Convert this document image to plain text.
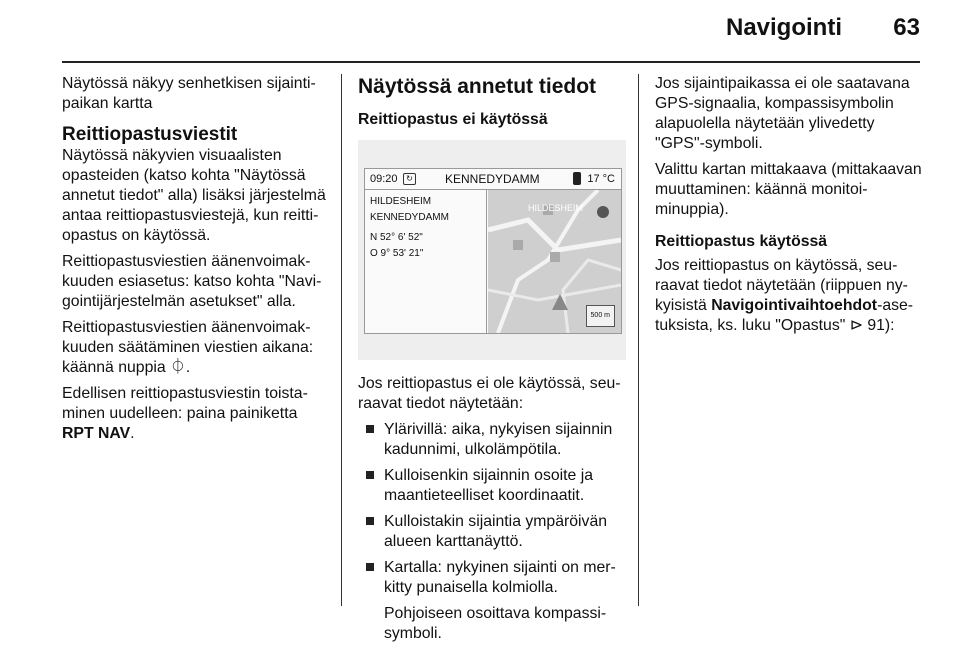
Navigointi 63

Näytössä näkyy senhetkisen sijaintipaikan kartta

Reittiopastusviestit

Näytössä näkyvien visuaalisten opasteiden (katso kohta "Näytössä annetut tiedot" alla) lisäksi järjestelmä antaa reittiopastusviestejä, kun reittiopastus on käytössä.

Reittiopastusviestien äänenvoimakkuuden esiasetus: katso kohta "Navigointijärjestelmän asetukset" alla.

Reittiopastusviestien äänenvoimakkuuden säätäminen viestien aikana: käännä nuppia ⏀.

Edellisen reittiopastusviestin toistaminen uudelleen: paina painiketta RPT NAV.

Näytössä annetut tiedot
Reittiopastus ei käytössä
09:20	↻	KENNEDYDAMM	17 °C
HILDESHEIM
KENNEDYDAMM
N 52° 6' 52"
O 9° 53' 21"
HILDESHEIM
500 m

Jos reittiopastus ei ole käytössä, seuraavat tiedot näytetään:

Ylärivillä: aika, nykyisen sijainnin kadunnimi, ulkolämpötila.
Kulloisenkin sijainnin osoite ja maantieteelliset koordinaatit.
Kulloistakin sijaintia ympäröivän alueen karttanäyttö.
Kartalla: nykyinen sijainti on merkitty punaisella kolmiolla.

Pohjoiseen osoittava kompassisymboli.

Jos sijaintipaikassa ei ole saatavana GPS-signaalia, kompassisymbolin alapuolella näytetään ylivedetty "GPS"-symboli.

Valittu kartan mittakaava (mittakaavan muuttaminen: käännä monitoiminuppia).

Reittiopastus käytössä

Jos reittiopastus on käytössä, seuraavat tiedot näytetään (riippuen nykyisistä Navigointivaihtoehdot-asetuksista, ks. luku "Opastus" ⊳ 91):
